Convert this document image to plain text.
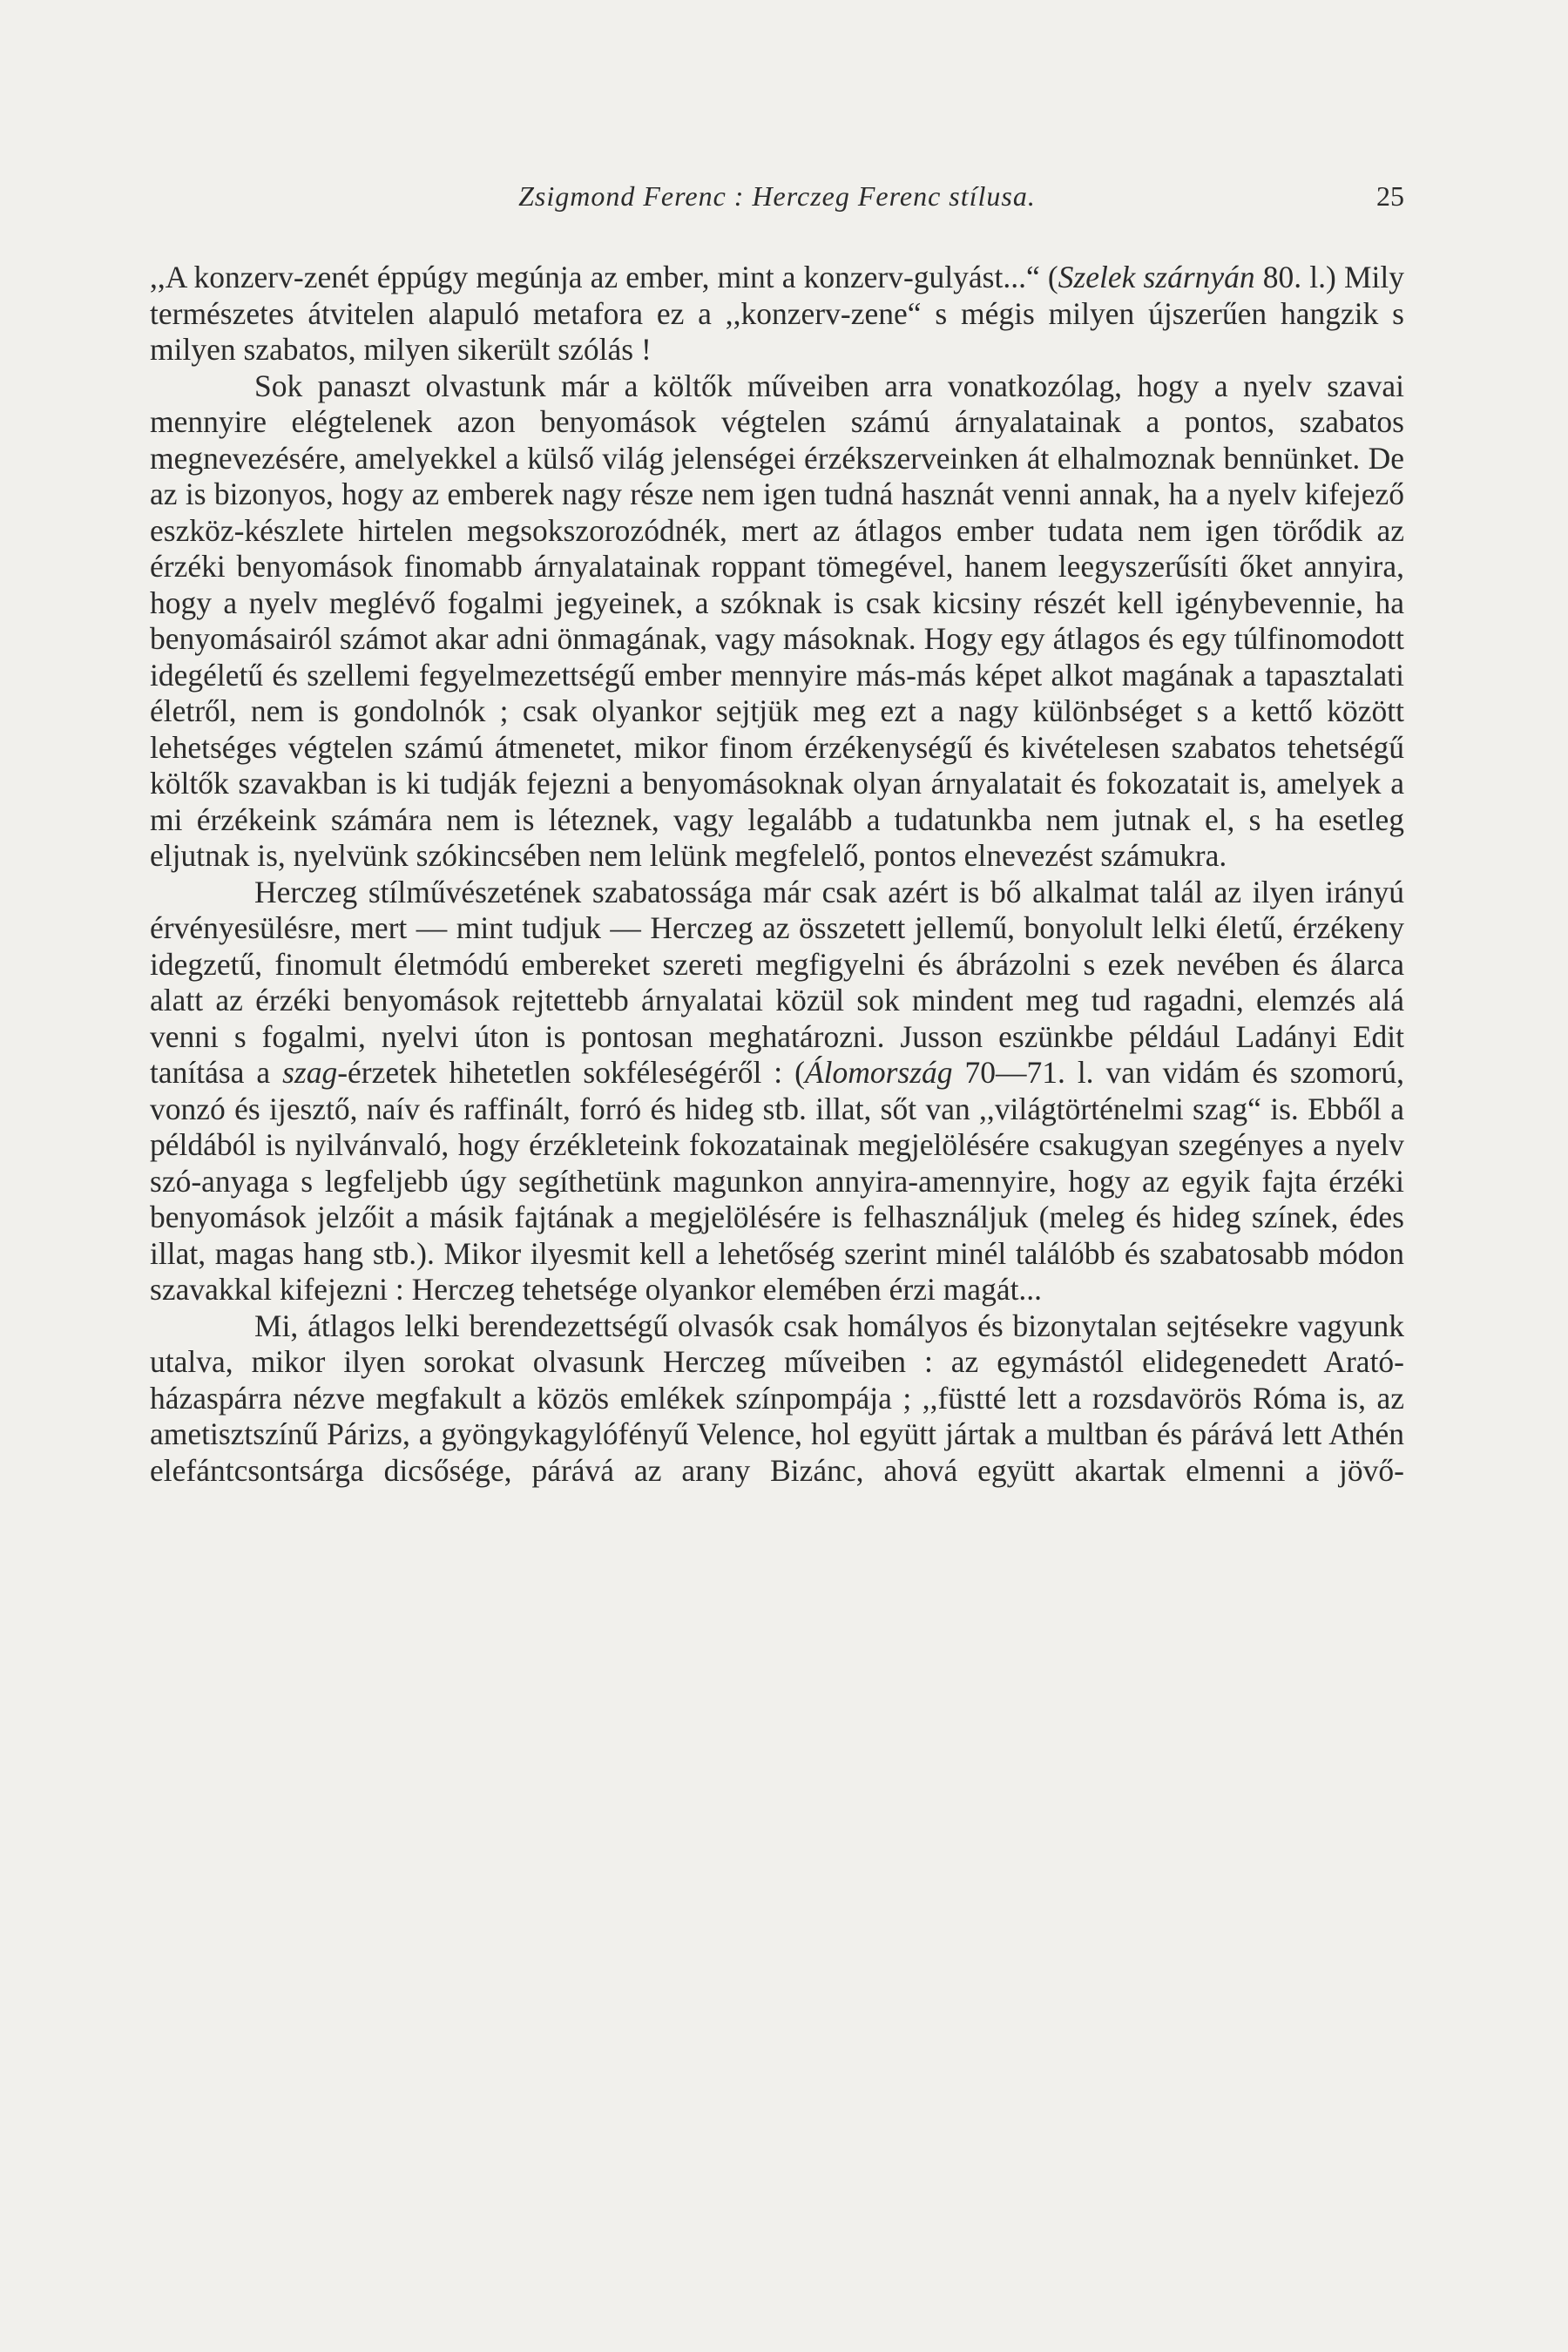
Zsigmond Ferenc : Herczeg Ferenc stílusa.	25

,,A konzerv-zenét éppúgy megúnja az ember, mint a konzerv-gulyást...“ (Szelek szárnyán 80. l.) Mily természetes átvitelen alapuló metafora ez a ,,konzerv-zene“ s mégis milyen újszerűen hangzik s milyen szabatos, milyen sikerült szólás !

Sok panaszt olvastunk már a költők műveiben arra vonatkozólag, hogy a nyelv szavai mennyire elégtelenek azon benyomások végtelen számú árnyalatainak a pontos, szabatos megnevezésére, amelyekkel a külső világ jelenségei érzékszerveinken át elhalmoznak bennünket. De az is bizonyos, hogy az emberek nagy része nem igen tudná hasznát venni annak, ha a nyelv kifejező eszköz-készlete hirtelen megsokszorozódnék, mert az átlagos ember tudata nem igen törődik az érzéki benyomások finomabb árnyalatainak roppant tömegével, hanem leegyszerűsíti őket annyira, hogy a nyelv meglévő fogalmi jegyeinek, a szóknak is csak kicsiny részét kell igénybevennie, ha benyomásairól számot akar adni önmagának, vagy másoknak. Hogy egy átlagos és egy túlfinomodott idegéletű és szellemi fegyelmezettségű ember mennyire más-más képet alkot magának a tapasztalati életről, nem is gondolnók ; csak olyankor sejtjük meg ezt a nagy különbséget s a kettő között lehetséges végtelen számú átmenetet, mikor finom érzékenységű és kivételesen szabatos tehetségű költők szavakban is ki tudják fejezni a benyomásoknak olyan árnyalatait és fokozatait is, amelyek a mi érzékeink számára nem is léteznek, vagy legalább a tudatunkba nem jutnak el, s ha esetleg eljutnak is, nyelvünk szókincsében nem lelünk megfelelő, pontos elnevezést számukra.

Herczeg stílművészetének szabatossága már csak azért is bő alkalmat talál az ilyen irányú érvényesülésre, mert — mint tudjuk — Herczeg az összetett jellemű, bonyolult lelki életű, érzékeny idegzetű, finomult életmódú embereket szereti megfigyelni és ábrázolni s ezek nevében és álarca alatt az érzéki benyomások rejtettebb árnyalatai közül sok mindent meg tud ragadni, elemzés alá venni s fogalmi, nyelvi úton is pontosan meghatározni. Jusson eszünkbe például Ladányi Edit tanítása a szag-érzetek hihetetlen sokféleségéről : (Álomország 70—71. l. van vidám és szomorú, vonzó és ijesztő, naív és raffinált, forró és hideg stb. illat, sőt van ,,világtörténelmi szag“ is. Ebből a példából is nyilvánvaló, hogy érzékleteink fokozatainak megjelölésére csakugyan szegényes a nyelv szó-anyaga s legfeljebb úgy segíthetünk magunkon annyira-amennyire, hogy az egyik fajta érzéki benyomások jelzőit a másik fajtának a megjelölésére is felhasználjuk (meleg és hideg színek, édes illat, magas hang stb.). Mikor ilyesmit kell a lehetőség szerint minél találóbb és szabatosabb módon szavakkal kifejezni : Herczeg tehetsége olyankor elemében érzi magát...

Mi, átlagos lelki berendezettségű olvasók csak homályos és bizonytalan sejtésekre vagyunk utalva, mikor ilyen sorokat olvasunk Herczeg műveiben : az egymástól elidegenedett Arató-házaspárra nézve megfakult a közös emlékek színpompája ; ,,füstté lett a rozsdavörös Róma is, az ametisztszínű Párizs, a gyöngykagylófényű Velence, hol együtt jártak a multban és párává lett Athén elefántcsontsárga dicsősége, párává az arany Bizánc, ahová együtt akartak elmenni a jövő-
